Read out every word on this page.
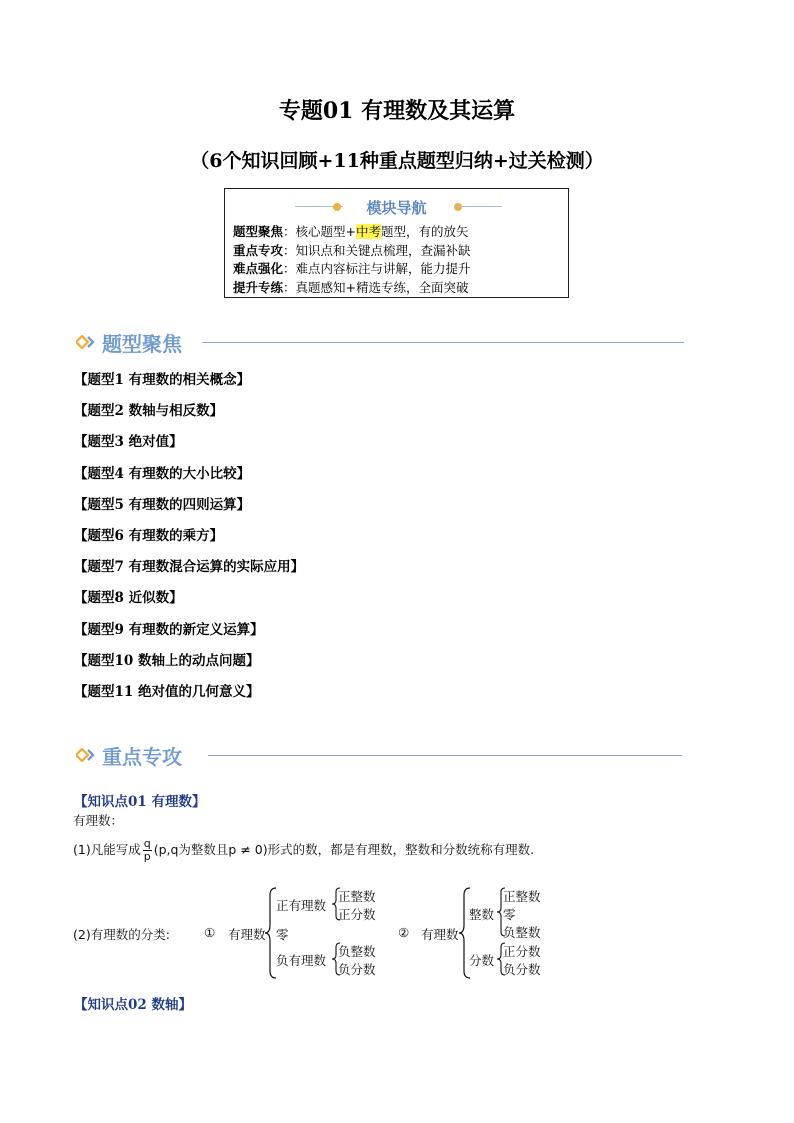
专题01 有理数及其运算
（6个知识回顾+11种重点题型归纳+过关检测）
模块导航
题型聚焦：核心题型+中考题型，有的放矢
重点专攻：知识点和关键点梳理，查漏补缺
难点强化：难点内容标注与讲解，能力提升
提升专练：真题感知+精选专练，全面突破
题型聚焦
【题型1 有理数的相关概念】
【题型2 数轴与相反数】
【题型3 绝对值】
【题型4 有理数的大小比较】
【题型5 有理数的四则运算】
【题型6 有理数的乘方】
【题型7 有理数混合运算的实际应用】
【题型8 近似数】
【题型9 有理数的新定义运算】
【题型10 数轴上的动点问题】
【题型11 绝对值的几何意义】
重点专攻
【知识点01 有理数】
有理数：
(1)凡能写成 $\frac{q}{p} (p,q$为整数且p ≠ 0)形式的数，都是有理数，整数和分数统称有理数.
(2)有理数的分类:	① 有理数
正有理数
正整数
正分数
零
负有理数
负整数
负分数
② 有理数
整数
正整数
零
负整数
分数
正分数
负分数
【知识点02 数轴】
